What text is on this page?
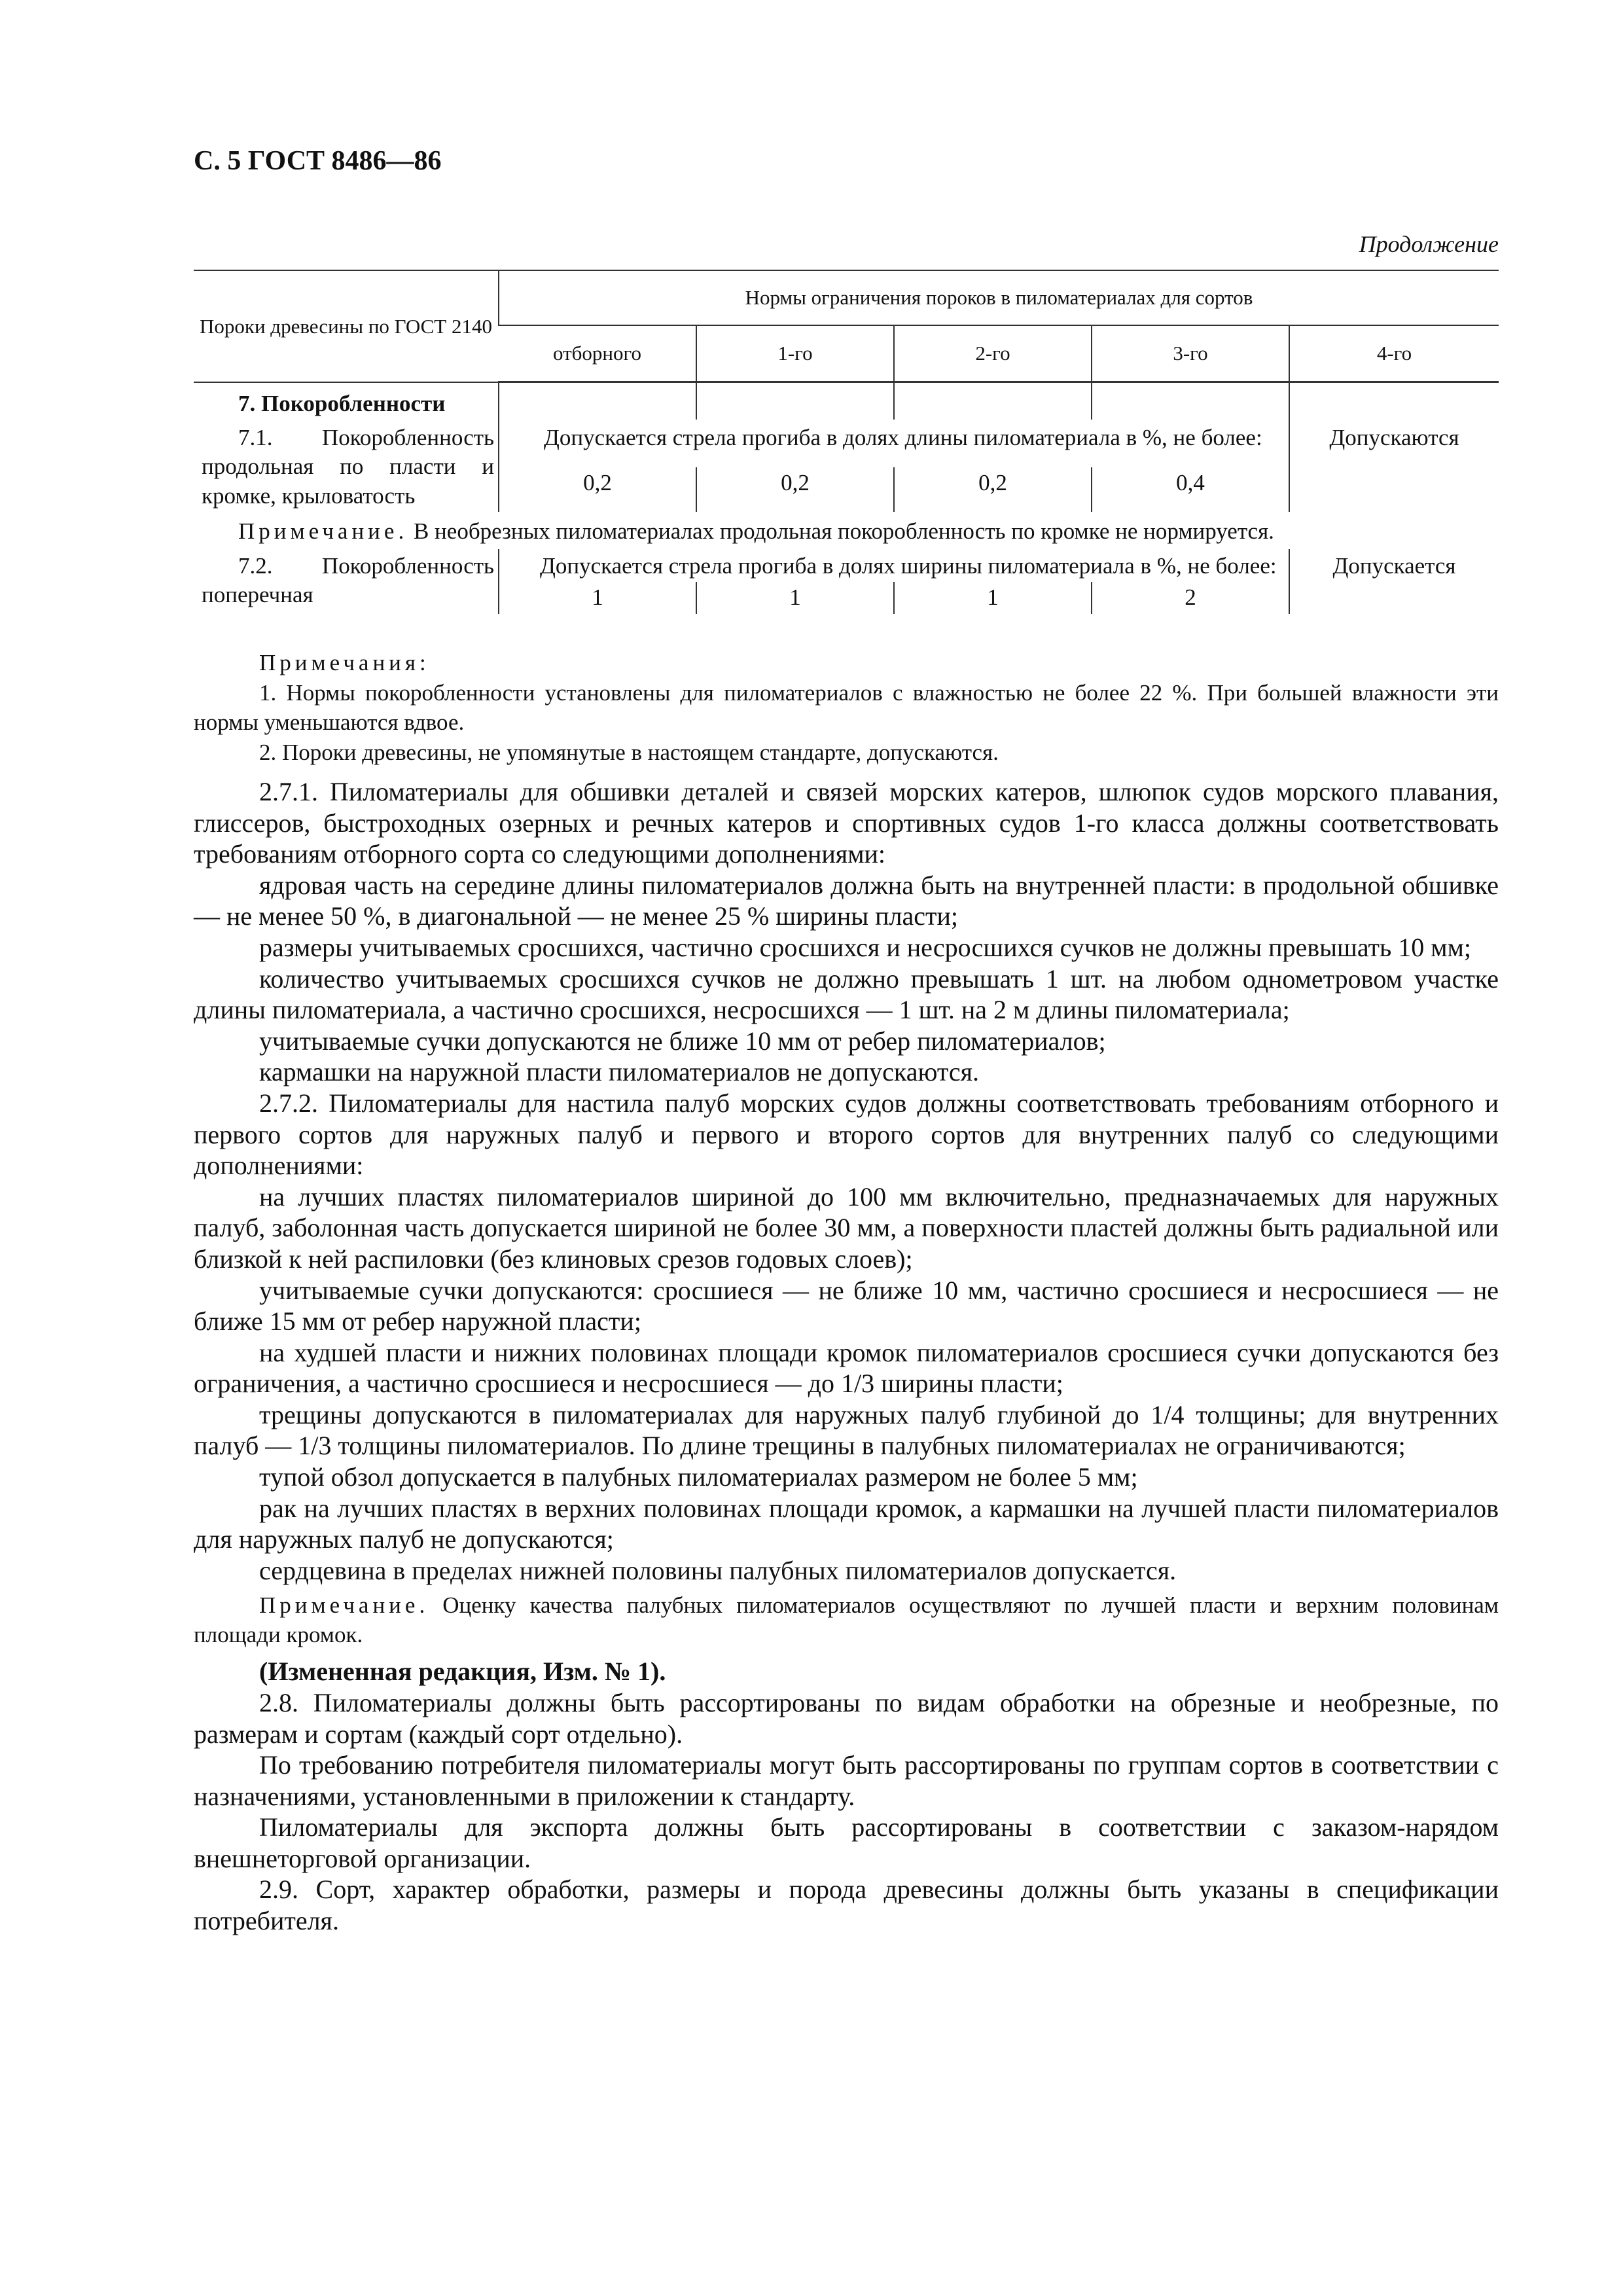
С. 5 ГОСТ 8486—86
Продолжение
Пороки древесины по ГОСТ 2140	Нормы ограничения пороков в пиломатериалах для сортов				
	отборного	1-го	2-го	3-го	4-го
7. Покоробленности					

7.1. Покоробленность продольная по пласти и кромке, крыловатость	Допускается стрела прогиба в долях длины пиломатериала в %, не более:				Допускаются
	0,2	0,2	0,2	0,4	
Примечание. В необрезных пиломатериалах продольная покоробленность по кромке не нормируется.					

7.2. Покоробленность поперечная	Допускается стрела прогиба в долях ширины пиломатериала в %, не более:				Допускается
	1	1	1	2	

Примечания:

1. Нормы покоробленности установлены для пиломатериалов с влажностью не более 22 %. При большей влажности эти нормы уменьшаются вдвое.

2. Пороки древесины, не упомянутые в настоящем стандарте, допускаются.

2.7.1. Пиломатериалы для обшивки деталей и связей морских катеров, шлюпок судов морского плавания, глиссеров, быстроходных озерных и речных катеров и спортивных судов 1-го класса должны соответствовать требованиям отборного сорта со следующими дополнениями:

ядровая часть на середине длины пиломатериалов должна быть на внутренней пласти: в продольной обшивке — не менее 50 %, в диагональной — не менее 25 % ширины пласти;

размеры учитываемых сросшихся, частично сросшихся и несросшихся сучков не должны превышать 10 мм;

количество учитываемых сросшихся сучков не должно превышать 1 шт. на любом однометровом участке длины пиломатериала, а частично сросшихся, несросшихся — 1 шт. на 2 м длины пиломатериала;

учитываемые сучки допускаются не ближе 10 мм от ребер пиломатериалов;

кармашки на наружной пласти пиломатериалов не допускаются.

2.7.2. Пиломатериалы для настила палуб морских судов должны соответствовать требованиям отборного и первого сортов для наружных палуб и первого и второго сортов для внутренних палуб со следующими дополнениями:

на лучших пластях пиломатериалов шириной до 100 мм включительно, предназначаемых для наружных палуб, заболонная часть допускается шириной не более 30 мм, а поверхности пластей должны быть радиальной или близкой к ней распиловки (без клиновых срезов годовых слоев);

учитываемые сучки допускаются: сросшиеся — не ближе 10 мм, частично сросшиеся и несросшиеся — не ближе 15 мм от ребер наружной пласти;

на худшей пласти и нижних половинах площади кромок пиломатериалов сросшиеся сучки допускаются без ограничения, а частично сросшиеся и несросшиеся — до 1/3 ширины пласти;

трещины допускаются в пиломатериалах для наружных палуб глубиной до 1/4 толщины; для внутренних палуб — 1/3 толщины пиломатериалов. По длине трещины в палубных пиломатериалах не ограничиваются;

тупой обзол допускается в палубных пиломатериалах размером не более 5 мм;

рак на лучших пластях в верхних половинах площади кромок, а кармашки на лучшей пласти пиломатериалов для наружных палуб не допускаются;

сердцевина в пределах нижней половины палубных пиломатериалов допускается.

Примечание. Оценку качества палубных пиломатериалов осуществляют по лучшей пласти и верхним половинам площади кромок.

(Измененная редакция, Изм. № 1).

2.8. Пиломатериалы должны быть рассортированы по видам обработки на обрезные и необрезные, по размерам и сортам (каждый сорт отдельно).

По требованию потребителя пиломатериалы могут быть рассортированы по группам сортов в соответствии с назначениями, установленными в приложении к стандарту.

Пиломатериалы для экспорта должны быть рассортированы в соответствии с заказом-нарядом внешнеторговой организации.

2.9. Сорт, характер обработки, размеры и порода древесины должны быть указаны в спецификации потребителя.
